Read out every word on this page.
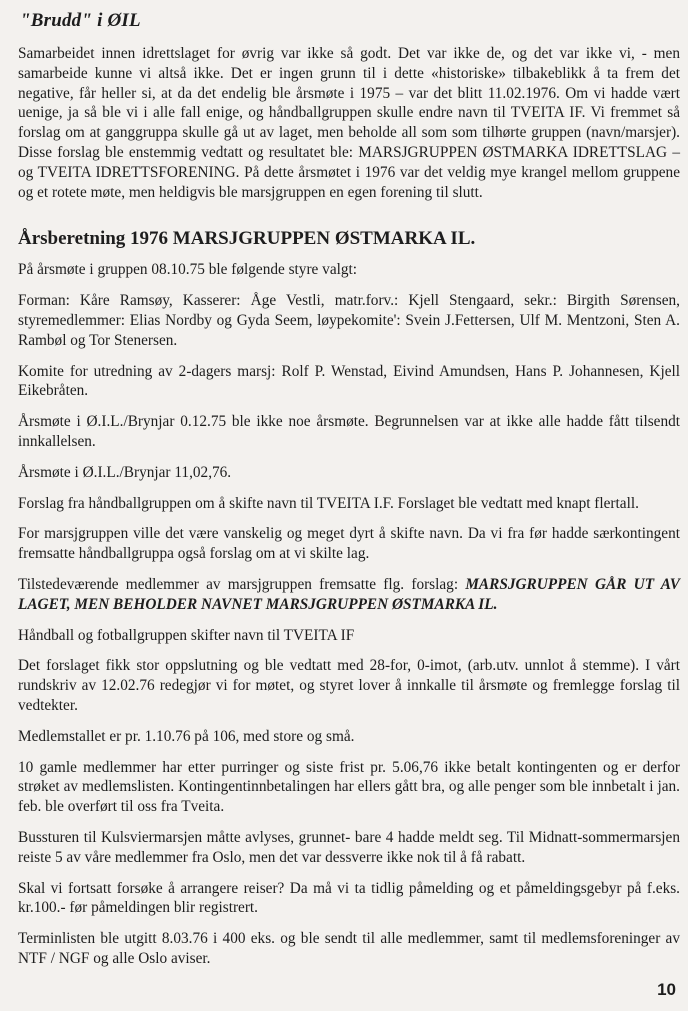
"Brudd" i ØIL

Samarbeidet innen idrettslaget for øvrig var ikke så godt. Det var ikke de, og det var ikke vi, - men samarbeide kunne vi altså ikke. Det er ingen grunn til i dette «historiske» tilbakeblikk å ta frem det negative, får heller si, at da det endelig ble årsmøte i 1975 – var det blitt 11.02.1976. Om vi hadde vært uenige, ja så ble vi i alle fall enige, og håndballgruppen skulle endre navn til TVEITA IF. Vi fremmet så forslag om at ganggruppa skulle gå ut av laget, men beholde all som som tilhørte gruppen (navn/marsjer). Disse forslag ble enstemmig vedtatt og resultatet ble: MARSJGRUPPEN ØSTMARKA IDRETTSLAG – og TVEITA IDRETTSFORENING. På dette årsmøtet i 1976 var det veldig mye krangel mellom gruppene og et rotete møte, men heldigvis ble marsjgruppen en egen forening til slutt.

Årsberetning 1976 MARSJGRUPPEN ØSTMARKA IL.

På årsmøte i gruppen 08.10.75 ble følgende styre valgt:

Forman: Kåre Ramsøy, Kasserer: Åge Vestli, matr.forv.: Kjell Stengaard, sekr.: Birgith Sørensen, styremedlemmer: Elias Nordby og Gyda Seem, løypekomite': Svein J.Fettersen, Ulf M. Mentzoni, Sten A. Rambøl og Tor Stenersen.

Komite for utredning av 2-dagers marsj: Rolf P. Wenstad, Eivind Amundsen, Hans P. Johannesen, Kjell Eikebråten.

Årsmøte i Ø.I.L./Brynjar 0.12.75 ble ikke noe årsmøte. Begrunnelsen var at ikke alle hadde fått tilsendt innkallelsen.

Årsmøte i Ø.I.L./Brynjar 11,02,76.

Forslag fra håndballgruppen om å skifte navn til TVEITA I.F. Forslaget ble vedtatt med knapt flertall.

For marsjgruppen ville det være vanskelig og meget dyrt å skifte navn. Da vi fra før hadde særkontingent fremsatte håndballgruppa også forslag om at vi skilte lag.

Tilstedeværende medlemmer av marsjgruppen fremsatte flg. forslag: MARSJGRUPPEN GÅR UT AV LAGET, MEN BEHOLDER NAVNET MARSJGRUPPEN ØSTMARKA IL.

Håndball og fotballgruppen skifter navn til TVEITA IF

Det forslaget fikk stor oppslutning og ble vedtatt med 28-for, 0-imot, (arb.utv. unnlot å stemme). I vårt rundskriv av 12.02.76 redegjør vi for møtet, og styret lover å innkalle til årsmøte og fremlegge forslag til vedtekter.

Medlemstallet er pr. 1.10.76 på 106, med store og små.

10 gamle medlemmer har etter purringer og siste frist pr. 5.06,76 ikke betalt kontingenten og er derfor strøket av medlemslisten. Kontingentinnbetalingen har ellers gått bra, og alle penger som ble innbetalt i jan. feb. ble overført til oss fra Tveita.

Bussturen til Kulsviermarsjen måtte avlyses, grunnet- bare 4 hadde meldt seg. Til Midnatt-sommermarsjen reiste 5 av våre medlemmer fra Oslo, men det var dessverre ikke nok til å få rabatt.

Skal vi fortsatt forsøke å arrangere reiser? Da må vi ta tidlig påmelding og et påmeldingsgebyr på f.eks. kr.100.- før påmeldingen blir registrert.

Terminlisten ble utgitt 8.03.76 i 400 eks. og ble sendt til alle medlemmer, samt til medlemsforeninger av NTF / NGF og alle Oslo aviser.

10
